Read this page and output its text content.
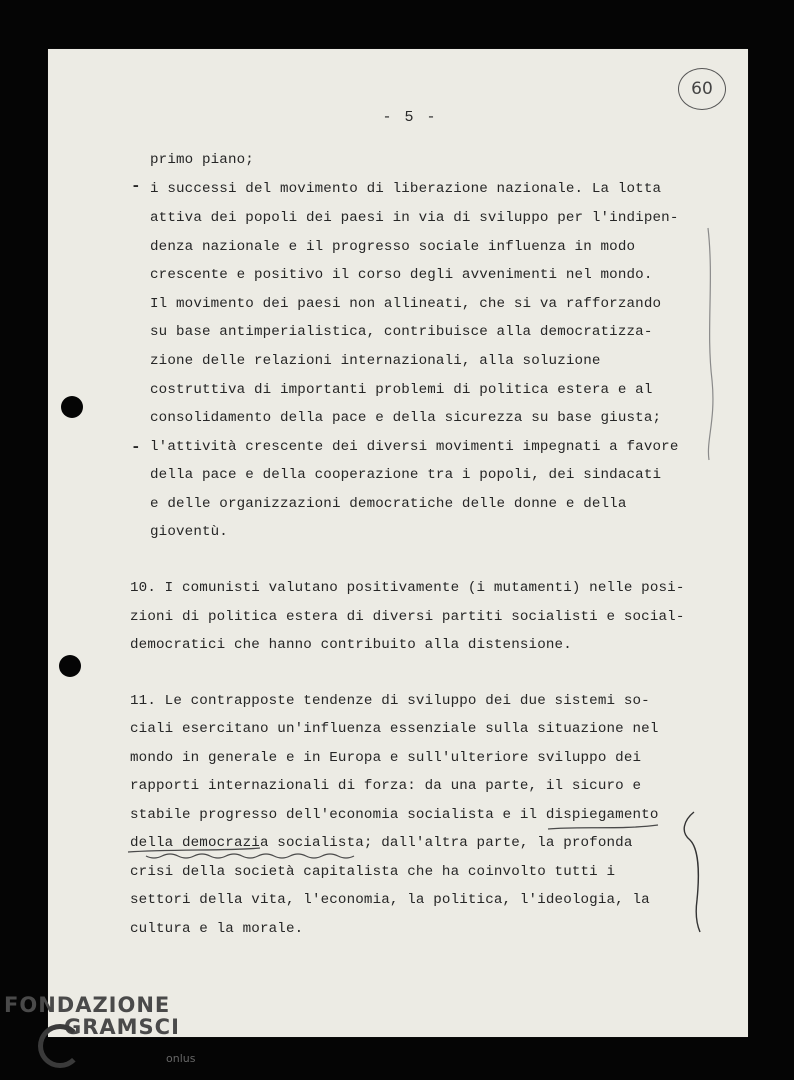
- 5 -
60
-
-
primo piano;
i successi del movimento di liberazione nazionale. La lotta
attiva dei popoli dei paesi in via di sviluppo per l'indipen-
denza nazionale e il progresso sociale influenza in modo
crescente e positivo il corso degli avvenimenti nel mondo.
Il movimento dei paesi non allineati, che si va rafforzando
su base antimperialistica, contribuisce alla democratizza-
zione delle relazioni internazionali, alla soluzione
costruttiva di importanti problemi di politica estera e al
consolidamento della pace e della sicurezza su base giusta;
l'attività crescente dei diversi movimenti impegnati a favore
della pace e della cooperazione tra i popoli, dei sindacati
e delle organizzazioni democratiche delle donne e della
gioventù.
10. I comunisti valutano positivamente (i mutamenti) nelle posi-
zioni di politica estera di diversi partiti socialisti e social-
democratici che hanno contribuito alla distensione.
11. Le contrapposte tendenze di sviluppo dei due sistemi so-
ciali esercitano un'influenza essenziale sulla situazione nel
mondo in generale e in Europa e sull'ulteriore sviluppo dei
rapporti internazionali di forza: da una parte, il sicuro e
stabile progresso dell'economia socialista e il dispiegamento
della democrazia socialista; dall'altra parte, la profonda
crisi della società capitalista che ha coinvolto tutti i
settori della vita, l'economia, la politica, l'ideologia, la
cultura e la morale.
FONDAZIONE
GRAMSCI
onlus
